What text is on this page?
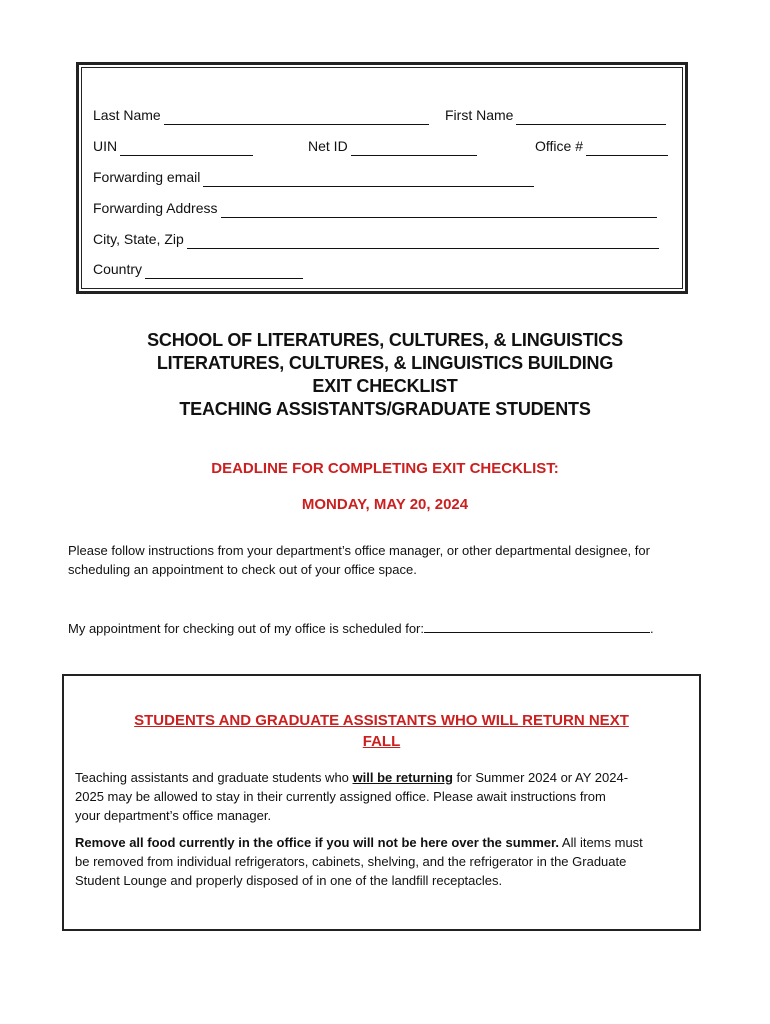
Last Name	First Name
UIN	Net ID	Office #
Forwarding email
Forwarding Address
City, State, Zip
Country
SCHOOL OF LITERATURES, CULTURES, & LINGUISTICS
LITERATURES, CULTURES, & LINGUISTICS BUILDING
EXIT CHECKLIST
TEACHING ASSISTANTS/GRADUATE STUDENTS
DEADLINE FOR COMPLETING EXIT CHECKLIST:
MONDAY, MAY 20, 2024
Please follow instructions from your department’s office manager, or other departmental designee, for
scheduling an appointment to check out of your office space.
My appointment for checking out of my office is scheduled for:	.
STUDENTS AND GRADUATE ASSISTANTS WHO WILL RETURN NEXT
FALL
Teaching assistants and graduate students who will be returning for Summer 2024 or AY 2024-
2025 may be allowed to stay in their currently assigned office. Please await instructions from
your department’s office manager.
Remove all food currently in the office if you will not be here over the summer. All items must
be removed from individual refrigerators, cabinets, shelving, and the refrigerator in the Graduate
Student Lounge and properly disposed of in one of the landfill receptacles.
